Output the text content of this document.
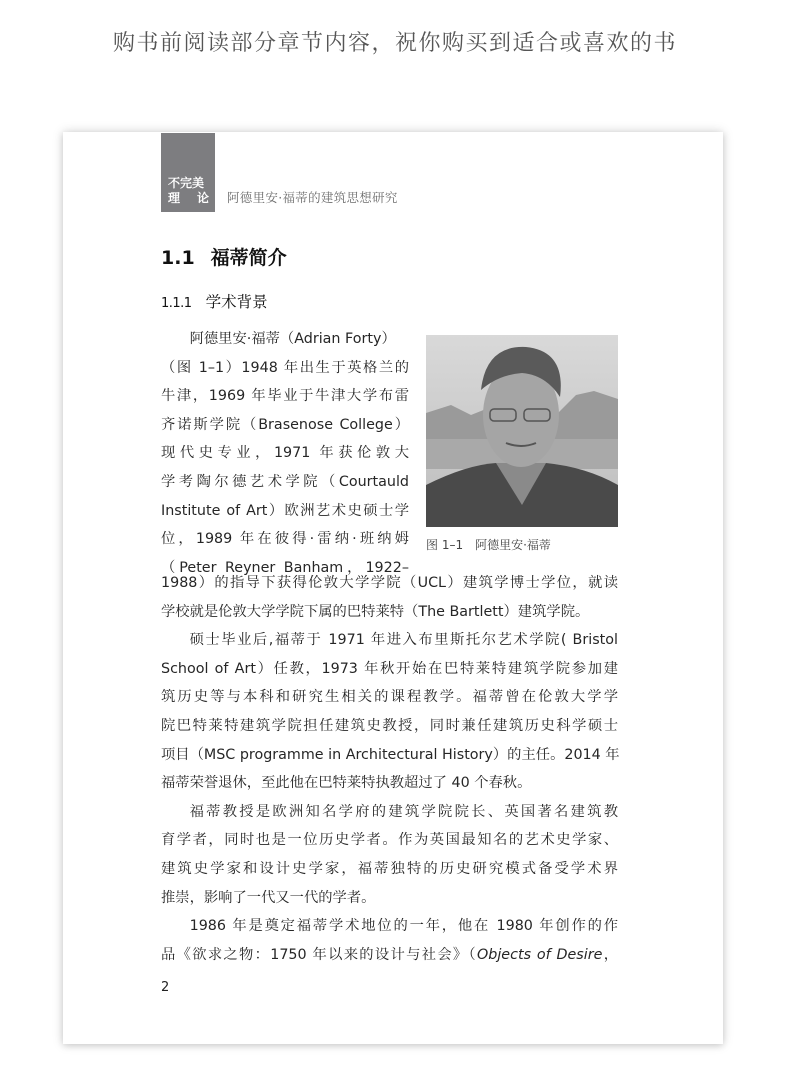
购书前阅读部分章节内容，祝你购买到适合或喜欢的书
不完美
理 论 阿德里安·福蒂的建筑思想研究
1.1 福蒂简介
1.1.1 学术背景
阿德里安·福蒂（Adrian Forty）
（图 1–1）1948 年出生于英格兰的
牛津，1969 年毕业于牛津大学布雷
齐诺斯学院（Brasenose College）
现代史专业，1971 年获伦敦大
学考陶尔德艺术学院（Courtauld
Institute of Art）欧洲艺术史硕士学
位，1989 年在彼得·雷纳·班纳姆
（Peter Reyner Banham，1922–
图 1–1 阿德里安·福蒂
1988）的指导下获得伦敦大学学院（UCL）建筑学博士学位，就读
学校就是伦敦大学学院下属的巴特莱特（The Bartlett）建筑学院。
硕士毕业后,福蒂于 1971 年进入布里斯托尔艺术学院( Bristol
School of Art）任教，1973 年秋开始在巴特莱特建筑学院参加建
筑历史等与本科和研究生相关的课程教学。福蒂曾在伦敦大学学
院巴特莱特建筑学院担任建筑史教授，同时兼任建筑历史科学硕士
项目（MSC programme in Architectural History）的主任。2014 年
福蒂荣誉退休，至此他在巴特莱特执教超过了 40 个春秋。
福蒂教授是欧洲知名学府的建筑学院院长、英国著名建筑教
育学者，同时也是一位历史学者。作为英国最知名的艺术史学家、
建筑史学家和设计史学家，福蒂独特的历史研究模式备受学术界
推崇，影响了一代又一代的学者。
1986 年是奠定福蒂学术地位的一年，他在 1980 年创作的作
品《欲求之物：1750 年以来的设计与社会》（Objects of Desire，
2
